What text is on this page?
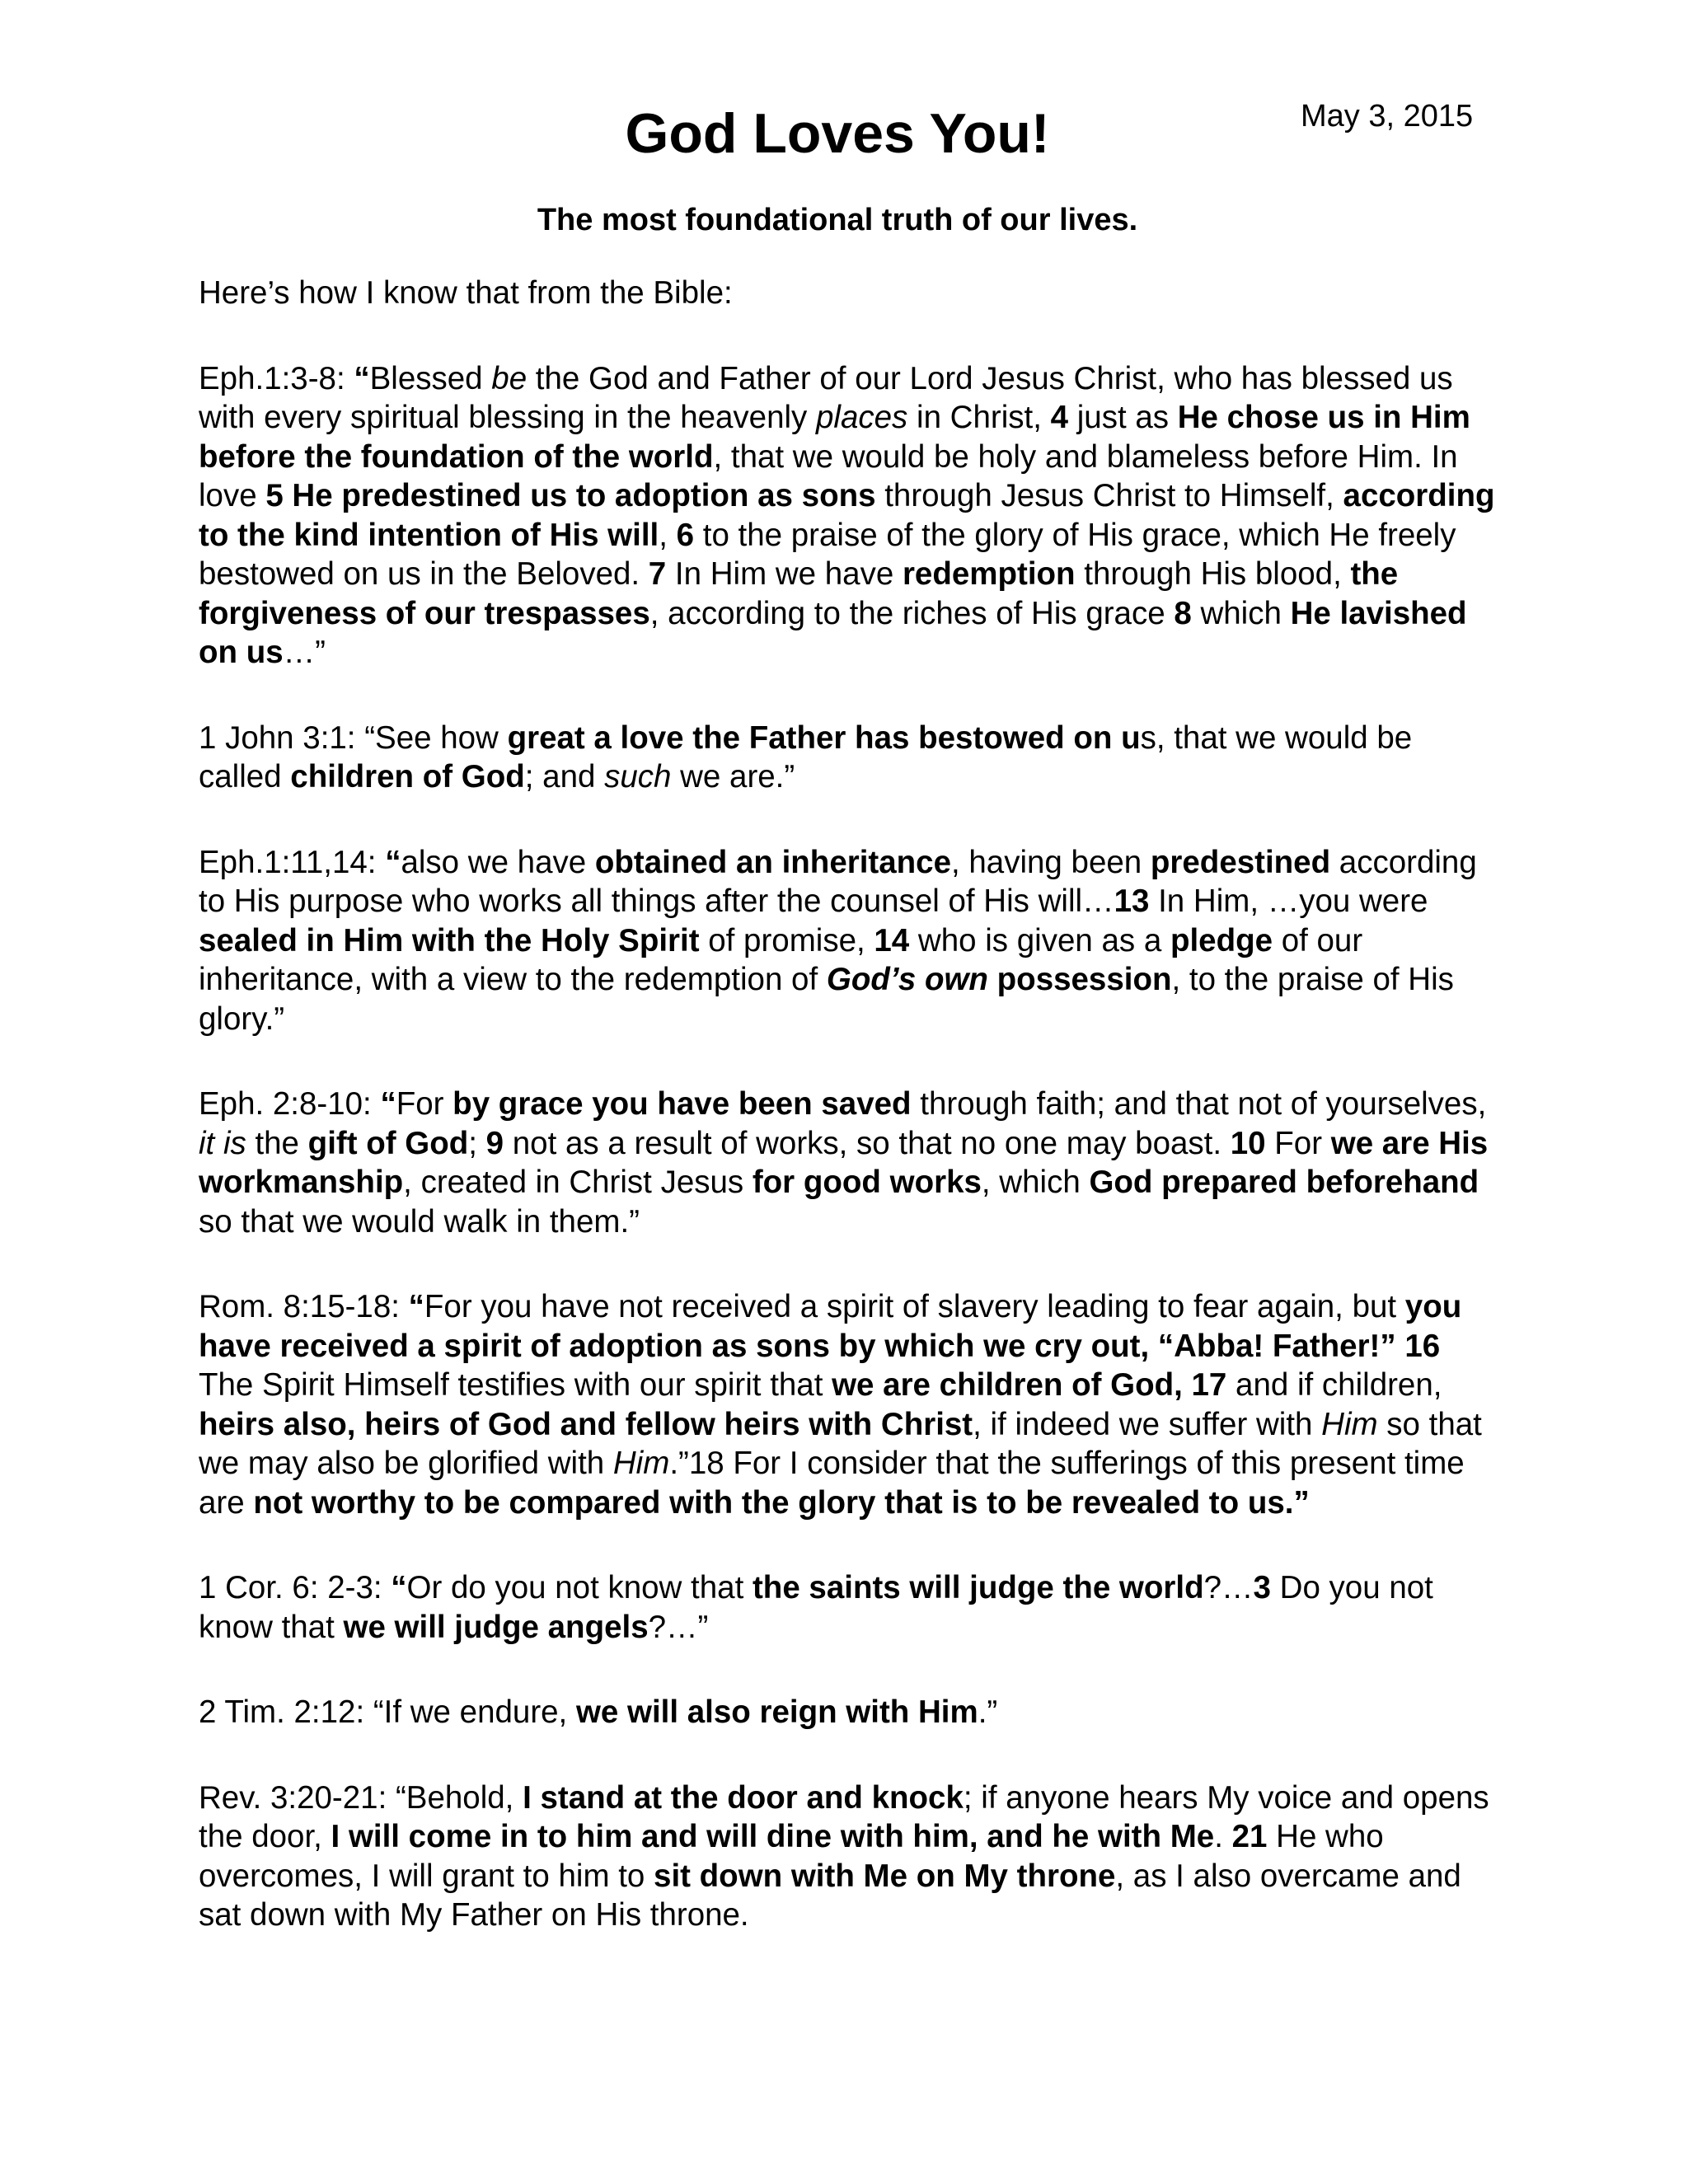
God Loves You!	May 3, 2015
The most foundational truth of our lives.

Here’s how I know that from the Bible:

Eph.1:3-8: “Blessed be the God and Father of our Lord Jesus Christ, who has blessed us with every spiritual blessing in the heavenly places in Christ, 4 just as He chose us in Him before the foundation of the world, that we would be holy and blameless before Him. In love 5 He predestined us to adoption as sons through Jesus Christ to Himself, according to the kind intention of His will, 6 to the praise of the glory of His grace, which He freely bestowed on us in the Beloved. 7 In Him we have redemption through His blood, the forgiveness of our trespasses, according to the riches of His grace 8 which He lavished on us…”

1 John 3:1: “See how great a love the Father has bestowed on us, that we would be called children of God; and such we are.”

Eph.1:11,14: “also we have obtained an inheritance, having been predestined according to His purpose who works all things after the counsel of His will…13 In Him, …you were sealed in Him with the Holy Spirit of promise, 14 who is given as a pledge of our inheritance, with a view to the redemption of God’s own possession, to the praise of His glory.”

Eph. 2:8-10: “For by grace you have been saved through faith; and that not of yourselves, it is the gift of God; 9 not as a result of works, so that no one may boast. 10 For we are His workmanship, created in Christ Jesus for good works, which God prepared beforehand so that we would walk in them.”

Rom. 8:15-18: “For you have not received a spirit of slavery leading to fear again, but you have received a spirit of adoption as sons by which we cry out, “Abba! Father!” 16 The Spirit Himself testifies with our spirit that we are children of God, 17 and if children, heirs also, heirs of God and fellow heirs with Christ, if indeed we suffer with Him so that we may also be glorified with Him.”18 For I consider that the sufferings of this present time are not worthy to be compared with the glory that is to be revealed to us.”

1 Cor. 6: 2-3: “Or do you not know that the saints will judge the world?…3 Do you not know that we will judge angels?…”

2 Tim. 2:12: “If we endure, we will also reign with Him.”

Rev. 3:20-21: “Behold, I stand at the door and knock; if anyone hears My voice and opens the door, I will come in to him and will dine with him, and he with Me. 21 He who overcomes, I will grant to him to sit down with Me on My throne, as I also overcame and sat down with My Father on His throne.
